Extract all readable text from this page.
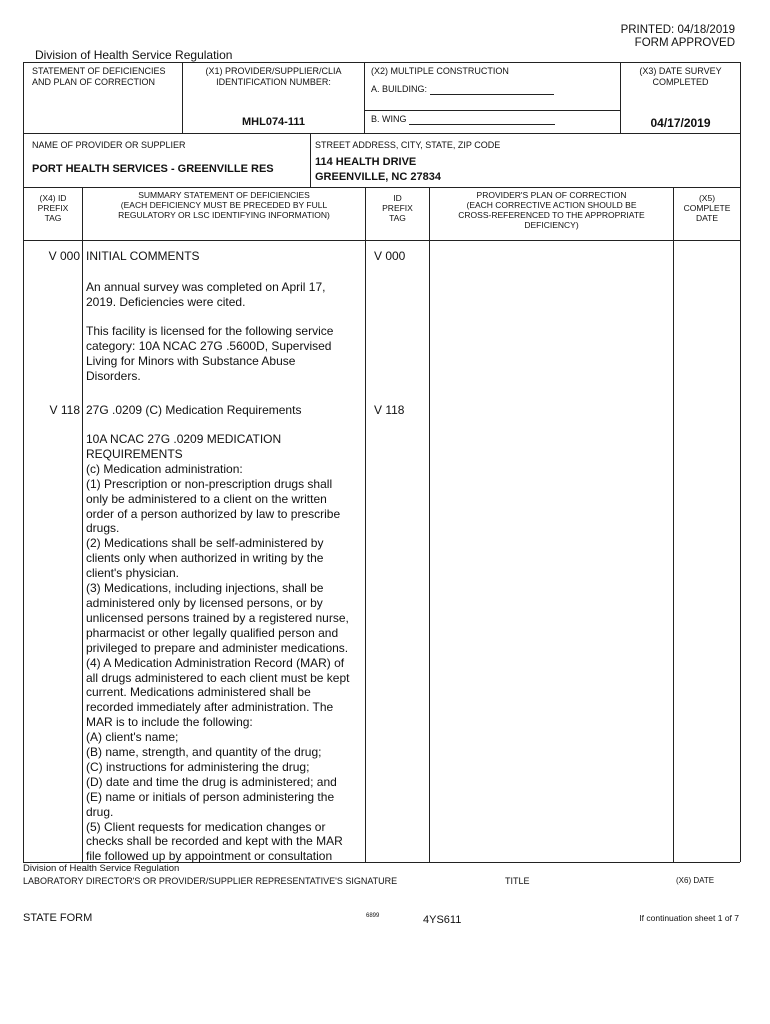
PRINTED: 04/18/2019
FORM APPROVED
Division of Health Service Regulation
STATEMENT OF DEFICIENCIES
AND PLAN OF CORRECTION
(X1) PROVIDER/SUPPLIER/CLIA
IDENTIFICATION NUMBER:
MHL074-111
(X2) MULTIPLE CONSTRUCTION
A. BUILDING:
B. WING
(X3) DATE SURVEY
COMPLETED
04/17/2019
NAME OF PROVIDER OR SUPPLIER
PORT HEALTH SERVICES - GREENVILLE RES
STREET ADDRESS, CITY, STATE, ZIP CODE
114 HEALTH DRIVE
GREENVILLE, NC 27834
(X4) ID
PREFIX
TAG
SUMMARY STATEMENT OF DEFICIENCIES
(EACH DEFICIENCY MUST BE PRECEDED BY FULL
REGULATORY OR LSC IDENTIFYING INFORMATION)
ID
PREFIX
TAG
PROVIDER'S PLAN OF CORRECTION
(EACH CORRECTIVE ACTION SHOULD BE
CROSS-REFERENCED TO THE APPROPRIATE
DEFICIENCY)
(X5)
COMPLETE
DATE
V 000 INITIAL COMMENTS	V 000
An annual survey was completed on April 17,
2019. Deficiencies were cited.
This facility is licensed for the following service
category: 10A NCAC 27G .5600D, Supervised
Living for Minors with Substance Abuse
Disorders.
V 118 27G .0209 (C) Medication Requirements	V 118
10A NCAC 27G .0209 MEDICATION
REQUIREMENTS
(c) Medication administration:
(1) Prescription or non-prescription drugs shall
only be administered to a client on the written
order of a person authorized by law to prescribe
drugs.
(2) Medications shall be self-administered by
clients only when authorized in writing by the
client's physician.
(3) Medications, including injections, shall be
administered only by licensed persons, or by
unlicensed persons trained by a registered nurse,
pharmacist or other legally qualified person and
privileged to prepare and administer medications.
(4) A Medication Administration Record (MAR) of
all drugs administered to each client must be kept
current. Medications administered shall be
recorded immediately after administration. The
MAR is to include the following:
(A) client's name;
(B) name, strength, and quantity of the drug;
(C) instructions for administering the drug;
(D) date and time the drug is administered; and
(E) name or initials of person administering the
drug.
(5) Client requests for medication changes or
checks shall be recorded and kept with the MAR
file followed up by appointment or consultation
Division of Health Service Regulation
LABORATORY DIRECTOR'S OR PROVIDER/SUPPLIER REPRESENTATIVE'S SIGNATURE	TITLE	(X6) DATE
STATE FORM	6899	4YS611	If continuation sheet 1 of 7
